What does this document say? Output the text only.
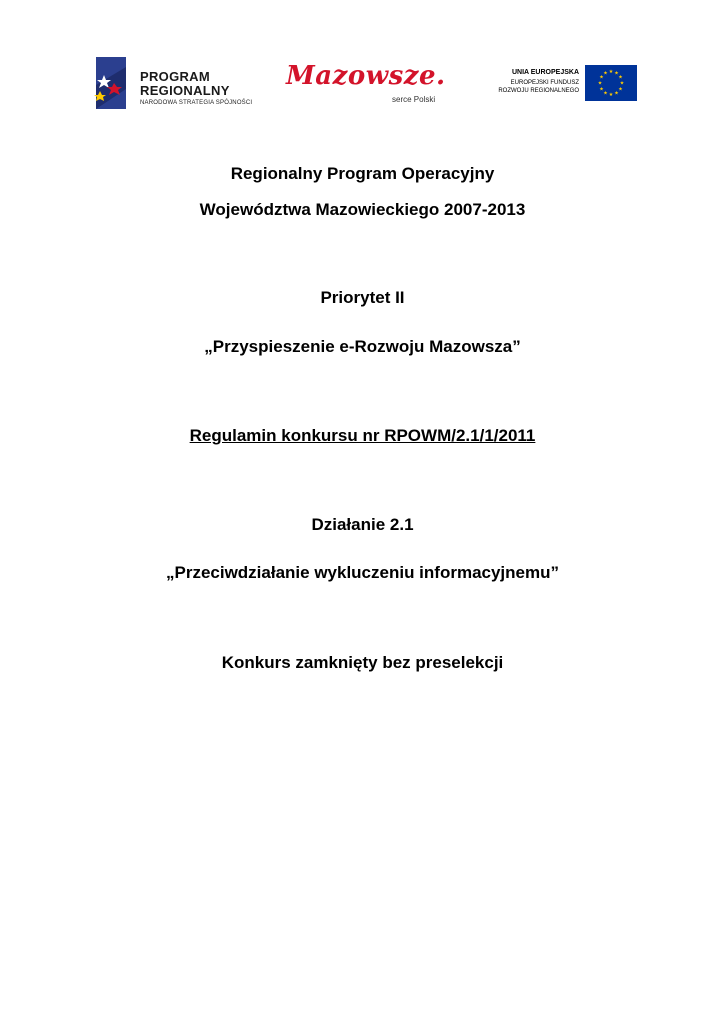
PROGRAM
REGIONALNY
NARODOWA STRATEGIA SPÓJNOŚCI
Mazowsze.
serce Polski
UNIA EUROPEJSKA
EUROPEJSKI FUNDUSZ
ROZWOJU REGIONALNEGO
★ ★
★
★
★
★
★
★
★
★
★
★
Regionalny Program Operacyjny
Województwa Mazowieckiego 2007-2013
Priorytet II
„Przyspieszenie e-Rozwoju Mazowsza”
Regulamin konkursu nr RPOWM/2.1/1/2011
Działanie 2.1
„Przeciwdziałanie wykluczeniu informacyjnemu”
Konkurs zamknięty bez preselekcji
